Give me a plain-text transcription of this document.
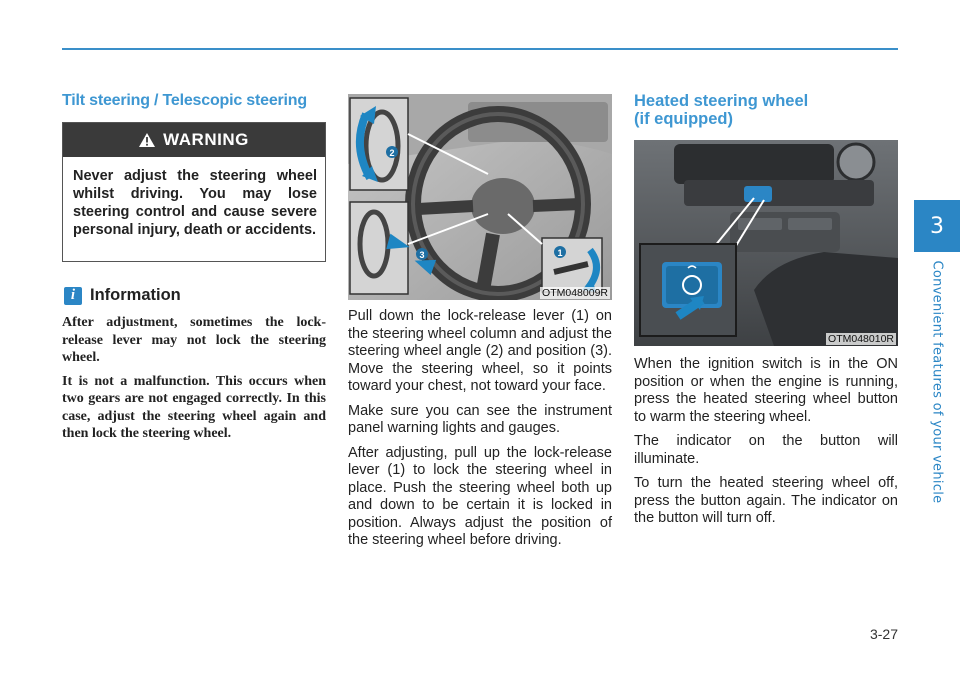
3
Convenient features of your vehicle
Tilt steering / Telescopic steering
WARNING
Never adjust the steering wheel whilst driving. You may lose steering control and cause severe personal injury, death or accidents.
i Information

After adjustment, sometimes the lock-release lever may not lock the steering wheel.

It is not a malfunction. This occurs when two gears are not engaged correctly. In this case, adjust the steering wheel again and then lock the steering wheel.

2
3	1
OTM048009R

Pull down the lock-release lever (1) on the steering wheel column and adjust the steering wheel angle (2) and position (3). Move the steering wheel, so it points toward your chest, not toward your face.

Make sure you can see the instrument panel warning lights and gauges.

After adjusting, pull up the lock-release lever (1) to lock the steering wheel in place. Push the steering wheel both up and down to be certain it is locked in position. Always adjust the position of the steering wheel before driving.

Heated steering wheel
(if equipped)
OTM048010R

When the ignition switch is in the ON position or when the engine is running, press the heated steering wheel button to warm the steering wheel.

The indicator on the button will illuminate.

To turn the heated steering wheel off, press the button again. The indicator on the button will turn off.

3-27
